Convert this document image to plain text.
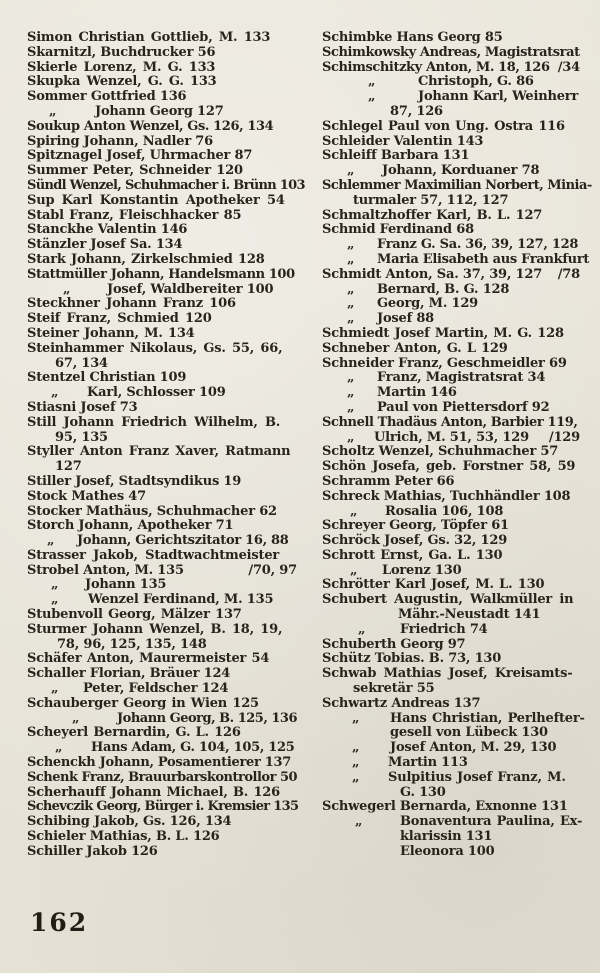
Simon Christian Gottlieb, M. 133
Skarnitzl, Buchdrucker 56
Skierle Lorenz, M. G. 133
Skupka Wenzel, G. G. 133
Sommer Gottfried 136
„	Johann Georg 127
Soukup Anton Wenzel, Gs. 126, 134
Spiring Johann, Nadler 76
Spitznagel Josef, Uhrmacher 87
Summer Peter, Schneider 120
Sündl Wenzel, Schuhmacher i. Brünn 103
Sup Karl Konstantin Apotheker 54
Stabl Franz, Fleischhacker 85
Stanckhe Valentin 146
Stänzler Josef Sa. 134
Stark Johann, Zirkelschmied 128
Stattmüller Johann, Handelsmann 100
„	Josef, Waldbereiter 100
Steckhner Johann Franz 106
Steif Franz, Schmied 120
Steiner Johann, M. 134
Steinhammer Nikolaus, Gs. 55, 66,
67, 134
Stentzel Christian 109
„ Karl, Schlosser 109
Stiasni Josef 73
Still Johann Friedrich Wilhelm, B.
95, 135
Styller Anton Franz Xaver, Ratmann
127
Stiller Josef, Stadtsyndikus 19
Stock Mathes 47
Stocker Mathäus, Schuhmacher 62
Storch Johann, Apotheker 71
„ Johann, Gerichtszitator 16, 88
Strasser Jakob, Stadtwachtmeister
Strobel Anton, M. 135	/70, 97
„ Johann 135
„ Wenzel Ferdinand, M. 135
Stubenvoll Georg, Mälzer 137
Sturmer Johann Wenzel, B. 18, 19,
78, 96, 125, 135, 148
Schäfer Anton, Maurermeister 54
Schaller Florian, Bräuer 124
„ Peter, Feldscher 124
Schauberger Georg in Wien 125
„	Johann Georg, B. 125, 136
Scheyerl Bernardin, G. L. 126
„ Hans Adam, G. 104, 105, 125
Schenckh Johann, Posamentierer 137
Schenk Franz, Brauurbarskontrollor 50
Scherhauff Johann Michael, B. 126
Schevczik Georg, Bürger i. Kremsier 135
Schibing Jakob, Gs. 126, 134
Schieler Mathias, B. L. 126
Schiller Jakob 126
Schimbke Hans Georg 85
Schimkowsky Andreas, Magistratsrat
Schimschitzky Anton, M. 18, 126 /34
„	Christoph, G. 86
„	Johann Karl, Weinherr
87, 126
Schlegel Paul von Ung. Ostra 116
Schleider Valentin 143
Schleiff Barbara 131
„ Johann, Korduaner 78
Schlemmer Maximilian Norbert, Minia-
turmaler 57, 112, 127
Schmaltzhoffer Karl, B. L. 127
Schmid Ferdinand 68
„ Franz G. Sa. 36, 39, 127, 128
„ Maria Elisabeth aus Frankfurt
Schmidt Anton, Sa. 37, 39, 127 /78
„ Bernard, B. G. 128
„ Georg, M. 129
„ Josef 88
Schmiedt Josef Martin, M. G. 128
Schneber Anton, G. L 129
Schneider Franz, Geschmeidler 69
„ Franz, Magistratsrat 34
„ Martin 146
„ Paul von Piettersdorf 92
Schnell Thadäus Anton, Barbier 119,
„ Ulrich, M. 51, 53, 129 /129
Scholtz Wenzel, Schuhmacher 57
Schön Josefa, geb. Forstner 58, 59
Schramm Peter 66
Schreck Mathias, Tuchhändler 108
„ Rosalia 106, 108
Schreyer Georg, Töpfer 61
Schröck Josef, Gs. 32, 129
Schrott Ernst, Ga. L. 130
„ Lorenz 130
Schrötter Karl Josef, M. L. 130
Schubert Augustin, Walkmüller in
Mähr.-Neustadt 141
„	Friedrich 74
Schuberth Georg 97
Schütz Tobias. B. 73, 130
Schwab Mathias Josef, Kreisamts-
sekretär 55
Schwartz Andreas 137
„ Hans Christian, Perlhefter-
gesell von Lübeck 130
„ Josef Anton, M. 29, 130
„ Martin 113
„ Sulpitius Josef Franz, M.
G. 130
Schwegerl Bernarda, Exnonne 131
„	Bonaventura Paulina, Ex-
klarissin 131
Eleonora 100
162
